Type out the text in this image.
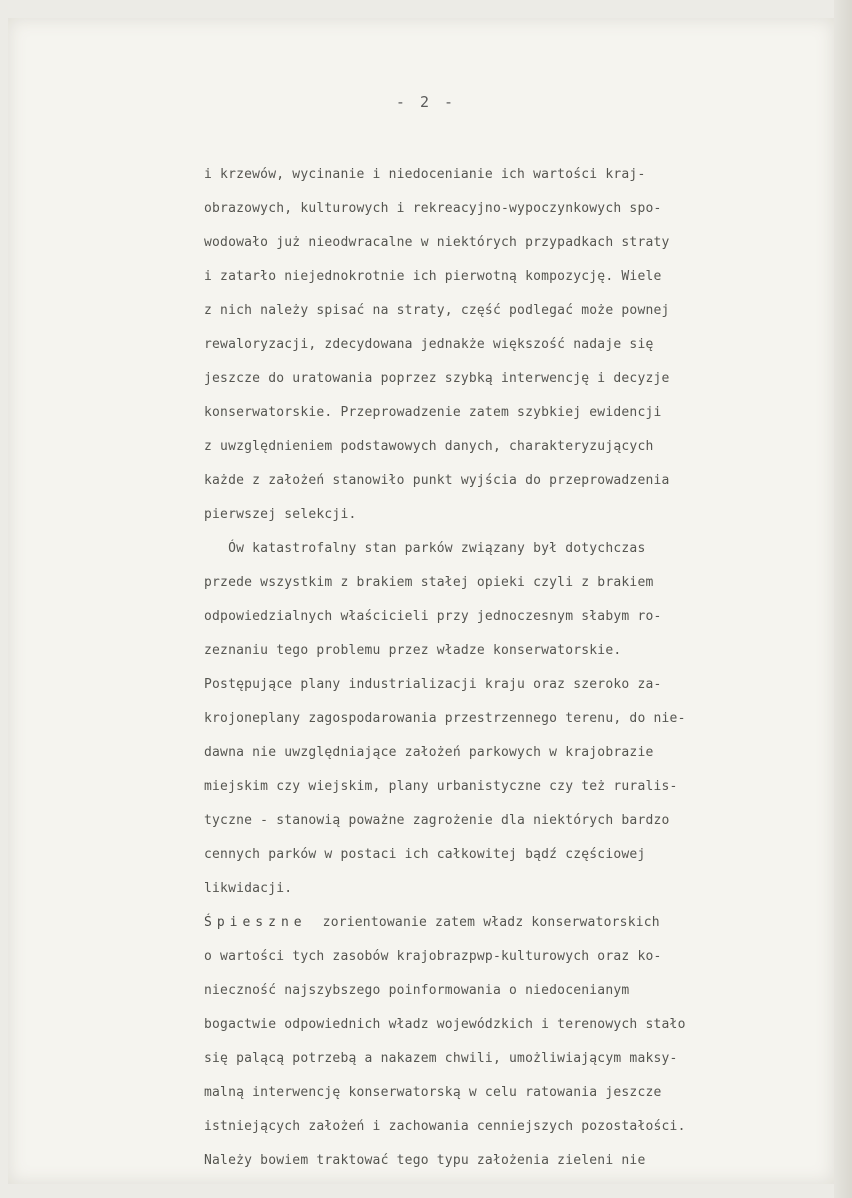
- 2 -
i krzewów, wycinanie i niedocenianie ich wartości kraj-
obrazowych, kulturowych i rekreacyjno-wypoczynkowych spo-
wodowało już nieodwracalne w niektórych przypadkach straty
i zatarło niejednokrotnie ich pierwotną kompozycję. Wiele
z nich należy spisać na straty, część podlegać może pownej
rewaloryzacji, zdecydowana jednakże większość nadaje się
jeszcze do uratowania poprzez szybką interwencję i decyzje
konserwatorskie. Przeprowadzenie zatem szybkiej ewidencji
z uwzględnieniem podstawowych danych, charakteryzujących
każde z założeń stanowiło punkt wyjścia do przeprowadzenia
pierwszej selekcji.
Ów katastrofalny stan parków związany był dotychczas
przede wszystkim z brakiem stałej opieki czyli z brakiem
odpowiedzialnych właścicieli przy jednoczesnym słabym ro-
zeznaniu tego problemu przez władze konserwatorskie.
Postępujące plany industrializacji kraju oraz szeroko za-
krojoneplany zagospodarowania przestrzennego terenu, do nie-
dawna nie uwzględniające założeń parkowych w krajobrazie
miejskim czy wiejskim, plany urbanistyczne czy też ruralis-
tyczne - stanowią poważne zagrożenie dla niektórych bardzo
cennych parków w postaci ich całkowitej bądź częściowej
likwidacji.
Śpieszne  zorientowanie zatem władz konserwatorskich
o wartości tych zasobów krajobrazpwp-kulturowych oraz ko-
nieczność najszybszego poinformowania o niedocenianym
bogactwie odpowiednich władz wojewódzkich i terenowych stało
się palącą potrzebą a nakazem chwili, umożliwiającym maksy-
malną interwencję konserwatorską w celu ratowania jeszcze
istniejących założeń i zachowania cenniejszych pozostałości.
Należy bowiem traktować tego typu założenia zieleni nie
